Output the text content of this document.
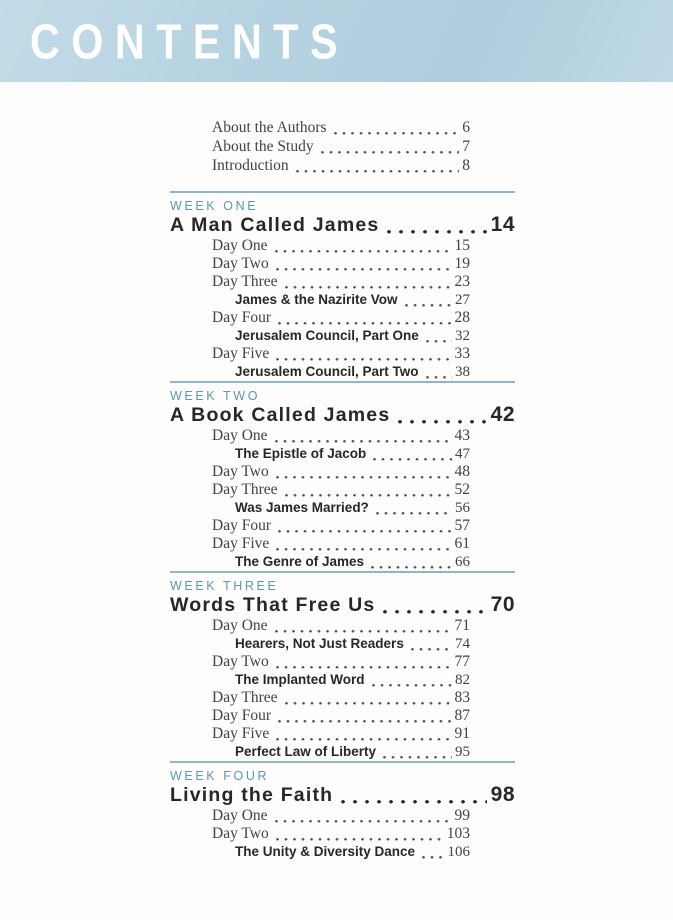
CONTENTS
About the Authors	6
About the Study	7
Introduction	8
WEEK ONE
A Man Called James	14
Day One	15
Day Two	19
Day Three	23
James & the Nazirite Vow	27
Day Four	28
Jerusalem Council, Part One 32
Day Five	33
Jerusalem Council, Part Two 38
WEEK TWO
A Book Called James	42
Day One	43
The Epistle of Jacob	47
Day Two	48
Day Three	52
Was James Married?	56
Day Four	57
Day Five	61
The Genre of James	66
WEEK THREE
Words That Free Us	70
Day One	71
Hearers, Not Just Readers	74
Day Two	77
The Implanted Word	82
Day Three	83
Day Four	87
Day Five	91
Perfect Law of Liberty	95
WEEK FOUR
Living the Faith	98
Day One	99
Day Two	103
The Unity & Diversity Dance 106
